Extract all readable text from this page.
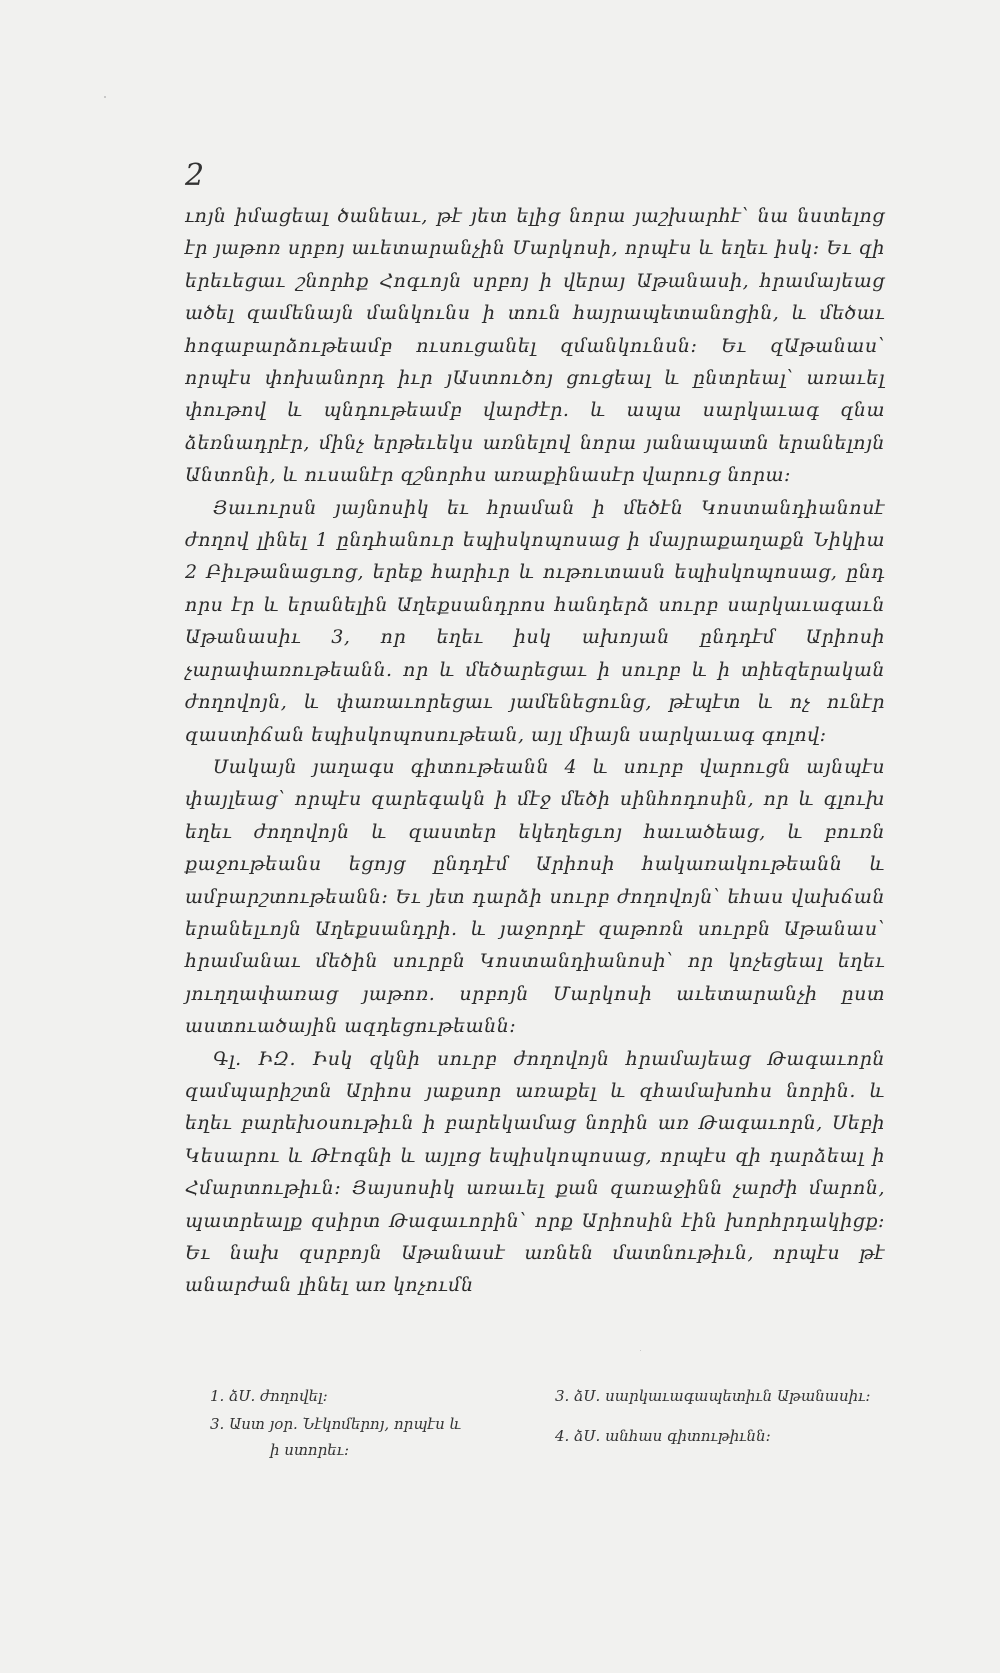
2

ւոյն իմացեալ ծանեաւ, թէ յետ ելից նորա յաշխարհէ՝ նա նստելոց էր յաթոռ սրբոյ աւետարանչին Մարկոսի, որպէս և եղեւ իսկ։ Եւ զի երեւեցաւ շնորհք Հոգւոյն սրբոյ ի վերայ Աթանասի, հրամայեաց ածել զամենայն մանկունս ի տուն հայրապետանոցին, և մեծաւ հոգաբարձութեամբ ուսուցանել զմանկունսն։ Եւ զԱթանաս՝ որպէս փոխանորդ իւր յԱստուծոյ ցուցեալ և ընտրեալ՝ առաւել փութով և պնդութեամբ վարժէր. և ապա սարկաւագ զնա ձեռնադրէր, մինչ երթեւեկս առնելով նորա յանապատն երանելոյն Անտոնի, և ուսանէր զշնորհս առաքինասէր վարուց նորա։

Յաւուրսն յայնոսիկ եւ հրաման ի մեծէն Կոստանդիանոսէ ժողով լինել 1 ընդհանուր եպիսկոպոսաց ի մայրաքաղաքն Նիկիա 2 Բիւթանացւոց, երեք հարիւր և ութուտասն եպիսկոպոսաց, ընդ որս էր և երանելին Աղեքսանդրոս հանդերձ սուրբ սարկաւագաւն Աթանասիւ 3, որ եղեւ իսկ ախոյան ընդդէմ Արիոսի չարափառութեանն. որ և մեծարեցաւ ի սուրբ և ի տիեզերական ժողովոյն, և փառաւորեցաւ յամենեցունց, թէպէտ և ոչ ունէր զաստիճան եպիսկոպոսութեան, այլ միայն սարկաւագ գոլով։

Սակայն յաղագս գիտութեանն 4 և սուրբ վարուցն այնպէս փայլեաց՝ որպէս զարեգակն ի մէջ մեծի սինհոդոսին, որ և գլուխ եղեւ ժողովոյն և զաստեր եկեղեցւոյ հաւածեաց, և բուռն քաջութեանս եցոյց ընդդէմ Արիոսի հակառակութեանն և ամբարշտութեանն։ Եւ յետ դարձի սուրբ ժողովոյն՝ եհաս վախճան երանելւոյն Աղեքսանդրի. և յաջորդէ զաթոռն սուրբն Աթանաս՝ հրամանաւ մեծին սուրբն Կոստանդիանոսի՝ որ կոչեցեալ եղեւ յուղղափառաց յաթոռ. սրբոյն Մարկոսի աւետարանչի ըստ աստուածային ազդեցութեանն։

Գլ. ԻԶ. Իսկ զկնի սուրբ ժողովոյն հրամայեաց Թագաւորն զամպարիշտն Արիոս յաքսոր առաքել և զհամախոհս նորին. և եղեւ բարեխօսութիւն ի բարեկամաց նորին առ Թագաւորն, Սեբի Կեսարու և Թէոգնի և այլոց եպիսկոպոսաց, որպէս զի դարձեալ ի Հմարտութիւն։ Յայսոսիկ առաւել քան զառաջինն չարժի մարոն, պատրեալք զսիրտ Թագաւորին՝ որք Արիոսին էին խորհրդակիցք։ Եւ նախ զսրբոյն Աթանասէ առնեն մատնութիւն, որպէս թէ անարժան լինել առ կոչումն

1. ձՍ. ժողովել։

3. Աստ յօր. Նէկոմերոյ, որպէս և
ի ստորեւ։

3. ձՍ. սարկաւագապետիւն Աթանասիւ։

4. ձՍ. անհաս գիտութիւնն։
